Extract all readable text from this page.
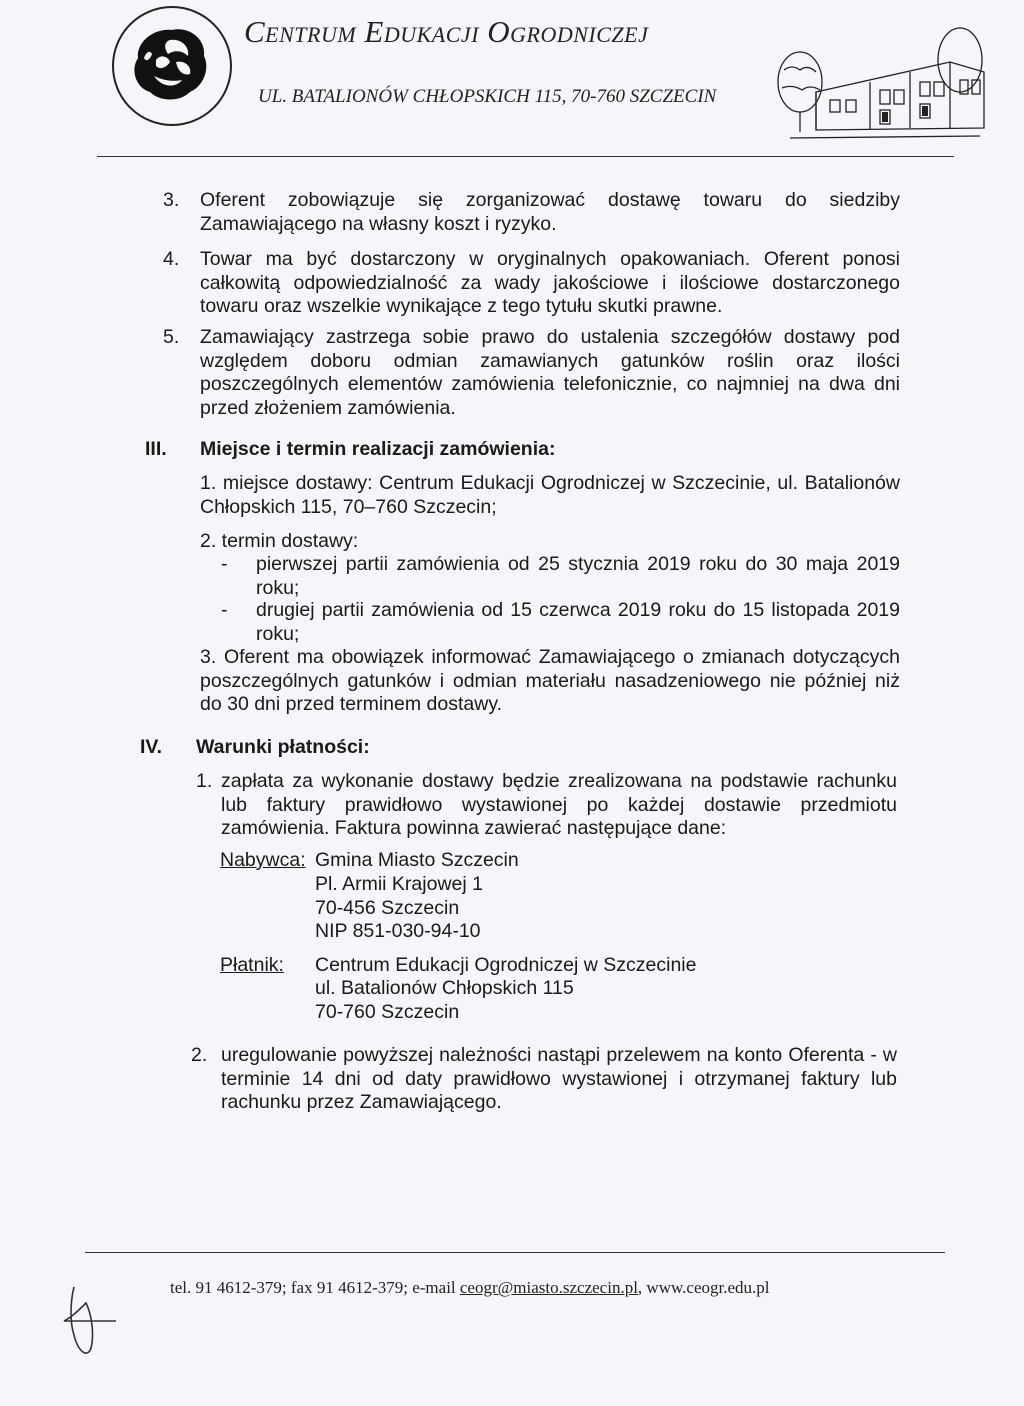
Centrum Edukacji Ogrodniczej
UL. BATALIONÓW CHŁOPSKICH 115, 70-760 SZCZECIN
3. Oferent zobowiązuje się zorganizować dostawę towaru do siedziby Zamawiającego na własny koszt i ryzyko.
4. Towar ma być dostarczony w oryginalnych opakowaniach. Oferent ponosi całkowitą odpowiedzialność za wady jakościowe i ilościowe dostarczonego towaru oraz wszelkie wynikające z tego tytułu skutki prawne.
5. Zamawiający zastrzega sobie prawo do ustalenia szczegółów dostawy pod względem doboru odmian zamawianych gatunków roślin oraz ilości poszczególnych elementów zamówienia telefonicznie, co najmniej na dwa dni przed złożeniem zamówienia.
III. Miejsce i termin realizacji zamówienia:
1. miejsce dostawy: Centrum Edukacji Ogrodniczej w Szczecinie, ul. Batalionów Chłopskich 115, 70–760 Szczecin;
2. termin dostawy:
- pierwszej partii zamówienia od 25 stycznia 2019 roku do 30 maja 2019 roku;
- drugiej partii zamówienia od 15 czerwca 2019 roku do 15 listopada 2019 roku;
3. Oferent ma obowiązek informować Zamawiającego o zmianach dotyczących poszczególnych gatunków i odmian materiału nasadzeniowego nie później niż do 30 dni przed terminem dostawy.
IV. Warunki płatności:
1. zapłata za wykonanie dostawy będzie zrealizowana na podstawie rachunku lub faktury prawidłowo wystawionej po każdej dostawie przedmiotu zamówienia. Faktura powinna zawierać następujące dane:
Nabywca: Gmina Miasto Szczecin
Pl. Armii Krajowej 1
70-456 Szczecin
NIP 851-030-94-10
Płatnik: Centrum Edukacji Ogrodniczej w Szczecinie
ul. Batalionów Chłopskich 115
70-760 Szczecin
2. uregulowanie powyższej należności nastąpi przelewem na konto Oferenta - w terminie 14 dni od daty prawidłowo wystawionej i otrzymanej faktury lub rachunku przez Zamawiającego.
tel. 91 4612-379; fax 91 4612-379; e-mail ceogr@miasto.szczecin.pl, www.ceogr.edu.pl
